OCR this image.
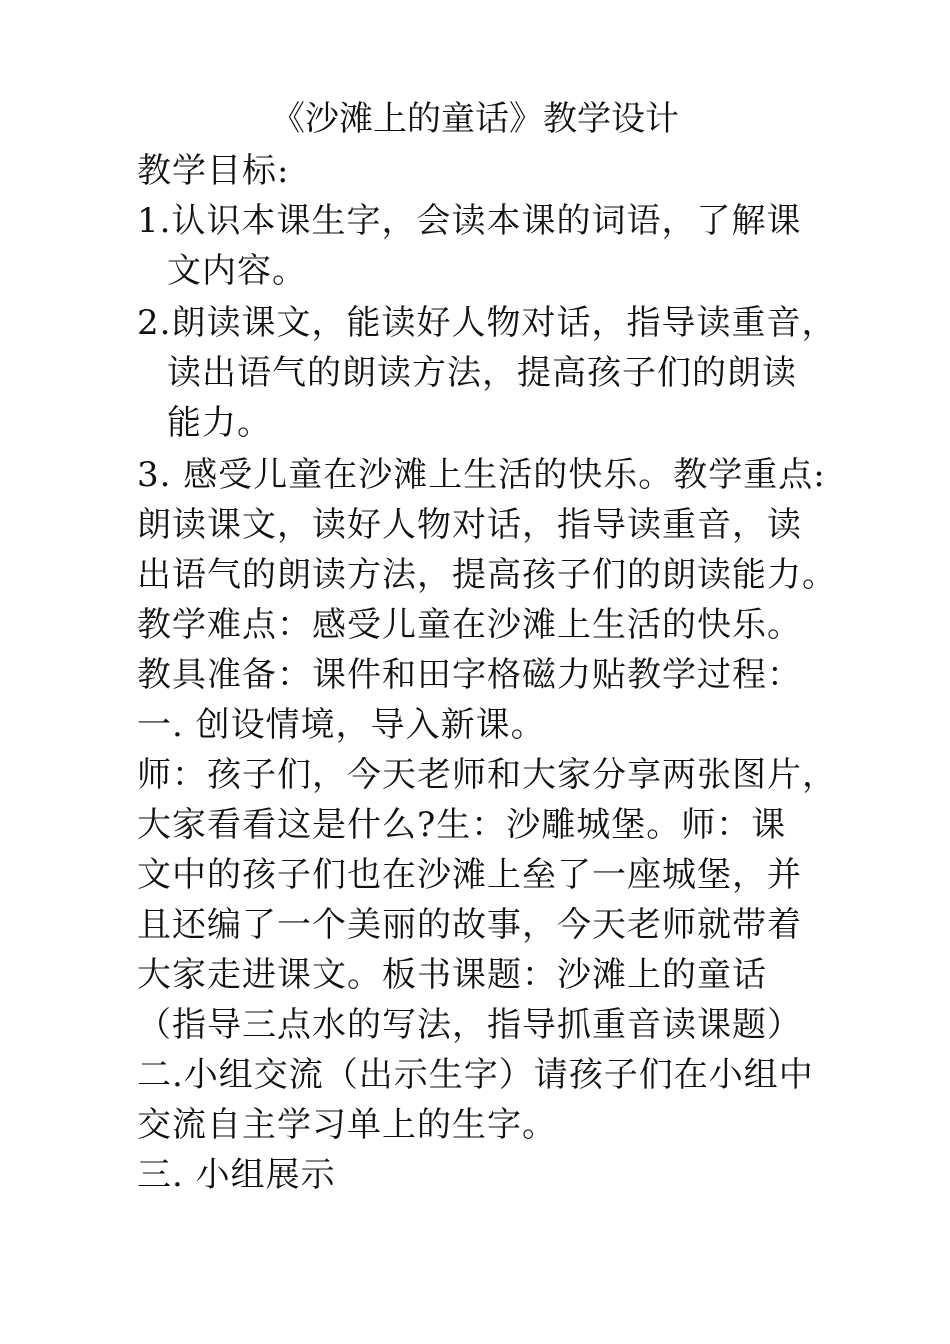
《沙滩上的童话》教学设计
教学目标:
1.认识本课生字，会读本课的词语，了解课
文内容。
2.朗读课文，能读好人物对话，指导读重音，
读出语气的朗读方法，提高孩子们的朗读
能力。
3. 感受儿童在沙滩上生活的快乐。教学重点:
朗读课文，读好人物对话，指导读重音，读
出语气的朗读方法，提高孩子们的朗读能力。
教学难点：感受儿童在沙滩上生活的快乐。
教具准备：课件和田字格磁力贴教学过程：
一. 创设情境，导入新课。
师：孩子们，今天老师和大家分享两张图片，
大家看看这是什么?生：沙雕城堡。师：课
文中的孩子们也在沙滩上垒了一座城堡，并
且还编了一个美丽的故事，今天老师就带着
大家走进课文。板书课题：沙滩上的童话
（指导三点水的写法，指导抓重音读课题）
二.小组交流（出示生字）请孩子们在小组中
交流自主学习单上的生字。
三. 小组展示
